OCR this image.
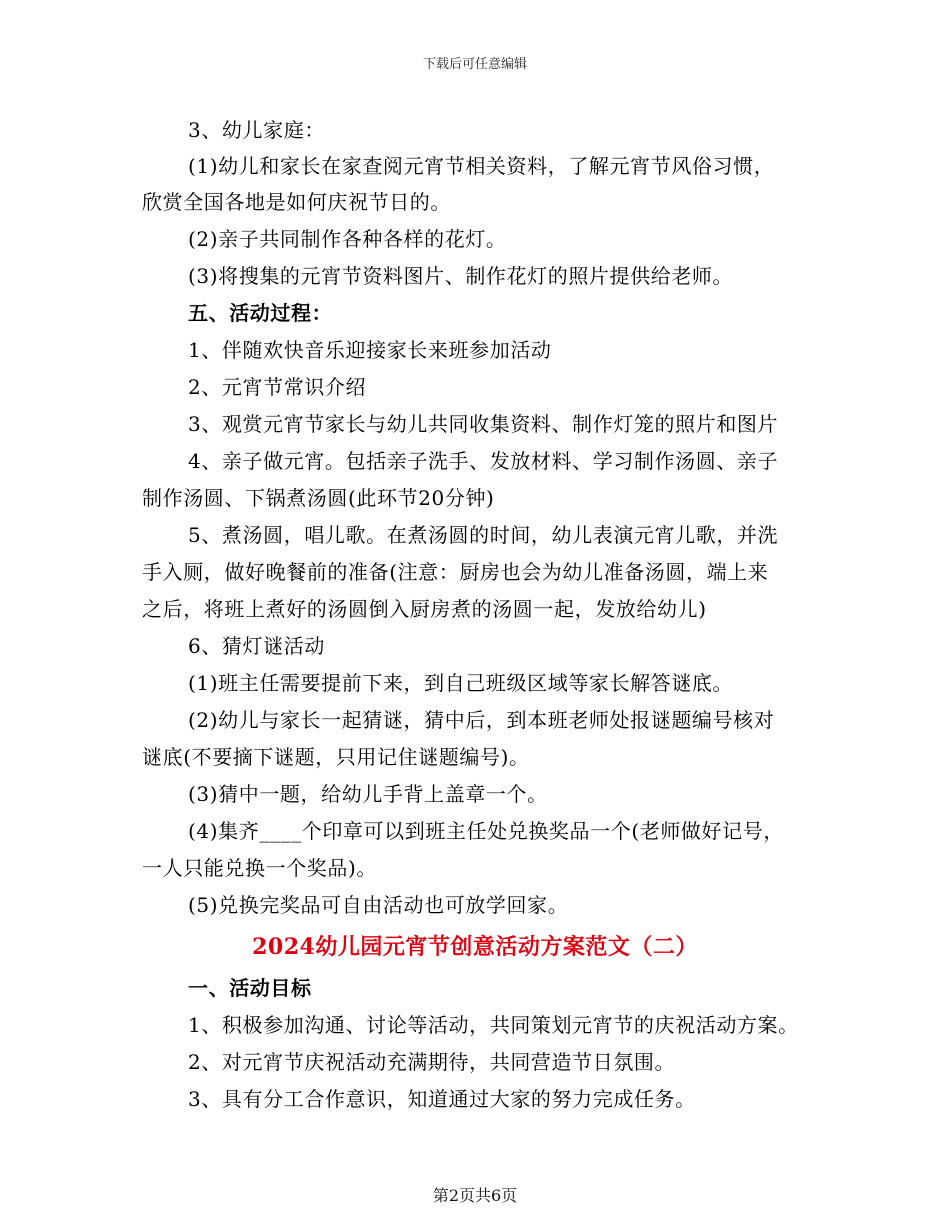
下载后可任意编辑
3、幼儿家庭：
(1)幼儿和家长在家查阅元宵节相关资料，了解元宵节风俗习惯，
欣赏全国各地是如何庆祝节日的。
(2)亲子共同制作各种各样的花灯。
(3)将搜集的元宵节资料图片、制作花灯的照片提供给老师。
五、活动过程：
1、伴随欢快音乐迎接家长来班参加活动
2、元宵节常识介绍
3、观赏元宵节家长与幼儿共同收集资料、制作灯笼的照片和图片
4、亲子做元宵。包括亲子洗手、发放材料、学习制作汤圆、亲子
制作汤圆、下锅煮汤圆(此环节20分钟)
5、煮汤圆，唱儿歌。在煮汤圆的时间，幼儿表演元宵儿歌，并洗
手入厕，做好晚餐前的准备(注意：厨房也会为幼儿准备汤圆，端上来
之后，将班上煮好的汤圆倒入厨房煮的汤圆一起，发放给幼儿)
6、猜灯谜活动
(1)班主任需要提前下来，到自己班级区域等家长解答谜底。
(2)幼儿与家长一起猜谜，猜中后，到本班老师处报谜题编号核对
谜底(不要摘下谜题，只用记住谜题编号)。
(3)猜中一题，给幼儿手背上盖章一个。
(4)集齐____个印章可以到班主任处兑换奖品一个(老师做好记号，
一人只能兑换一个奖品)。
(5)兑换完奖品可自由活动也可放学回家。
2024幼儿园元宵节创意活动方案范文（二）
一、活动目标
1、积极参加沟通、讨论等活动，共同策划元宵节的庆祝活动方案。
2、对元宵节庆祝活动充满期待，共同营造节日氛围。
3、具有分工合作意识，知道通过大家的努力完成任务。
第2页共6页
